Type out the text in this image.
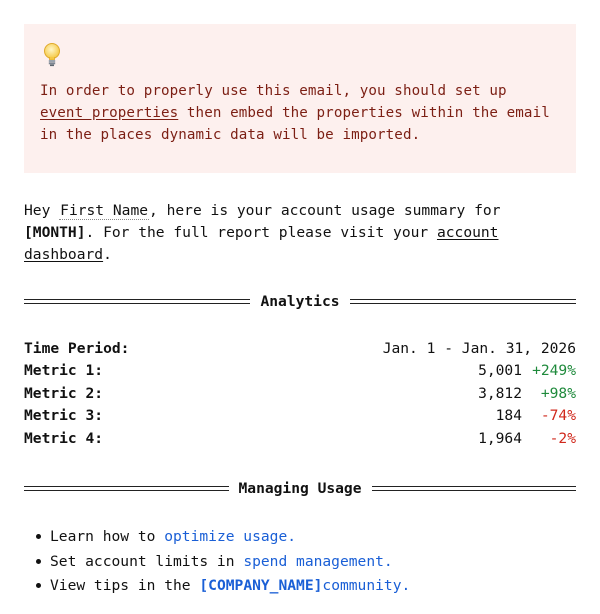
In order to properly use this email, you should set up event properties then embed the properties within the email in the places dynamic data will be imported.
Hey First Name, here is your account usage summary for [MONTH]. For the full report please visit your account dashboard.
Analytics
Time Period:	Jan. 1 - Jan. 31, 2026
Metric 1:	5,001 +249%
Metric 2:	3,812	+98%
Metric 3:	184	-74%
Metric 4:	1,964	-2%
Managing Usage
Learn how to
optimize usage.
Set account limits in
spend management.
View tips in the
[COMPANY_NAME] community.
